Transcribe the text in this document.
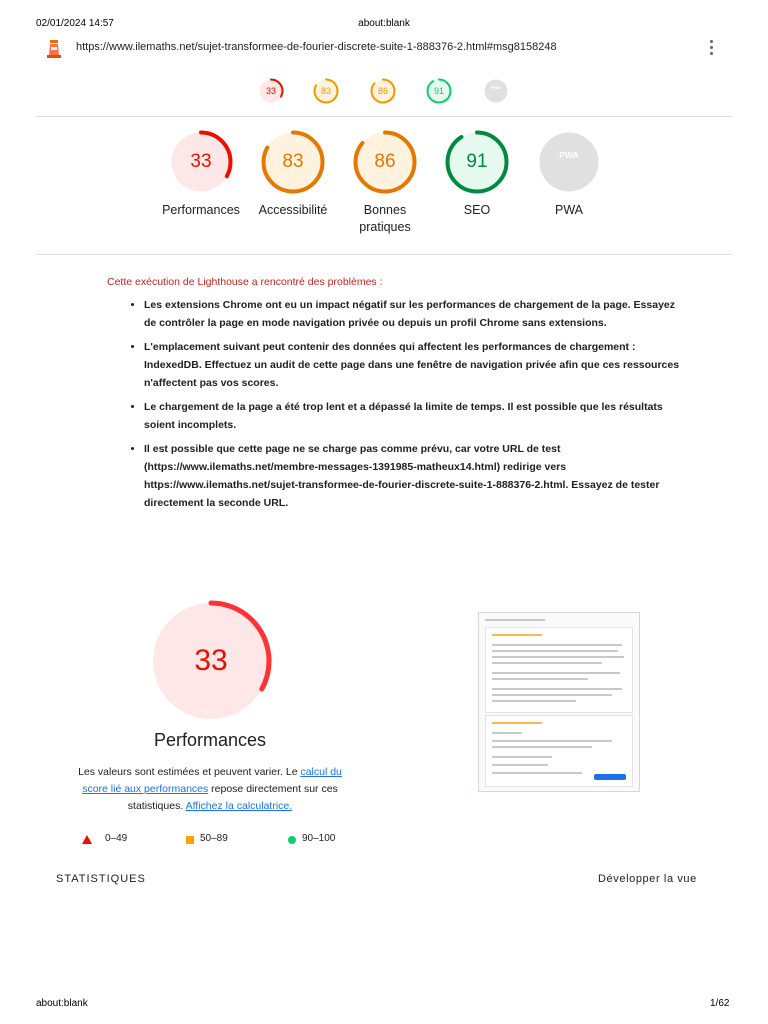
02/01/2024 14:57	about:blank
https://www.ilemaths.net/sujet-transformee-de-fourier-discrete-suite-1-888376-2.html#msg8158248
33	83	86	91	PWA
33
Performances
83
Accessibilité
86
Bonnes pratiques
91
SEO
PWA
PWA
Cette exécution de Lighthouse a rencontré des problèmes :
• Les extensions Chrome ont eu un impact négatif sur les performances de chargement de la page. Essayez de contrôler la page en mode navigation privée ou depuis un profil Chrome sans extensions.
• L'emplacement suivant peut contenir des données qui affectent les performances de chargement : IndexedDB. Effectuez un audit de cette page dans une fenêtre de navigation privée afin que ces ressources n'affectent pas vos scores.
• Le chargement de la page a été trop lent et a dépassé la limite de temps. Il est possible que les résultats soient incomplets.
• Il est possible que cette page ne se charge pas comme prévu, car votre URL de test (https://www.ilemaths.net/membre-messages-1391985-matheux14.html) redirige vers https://www.ilemaths.net/sujet-transformee-de-fourier-discrete-suite-1-888376-2.html. Essayez de tester directement la seconde URL.
33
Performances
Les valeurs sont estimées et peuvent varier. Le calcul du score lié aux performances repose directement sur ces statistiques. Affichez la calculatrice.
0–49	50–89	90–100
STATISTIQUES	Développer la vue
about:blank	1/62
